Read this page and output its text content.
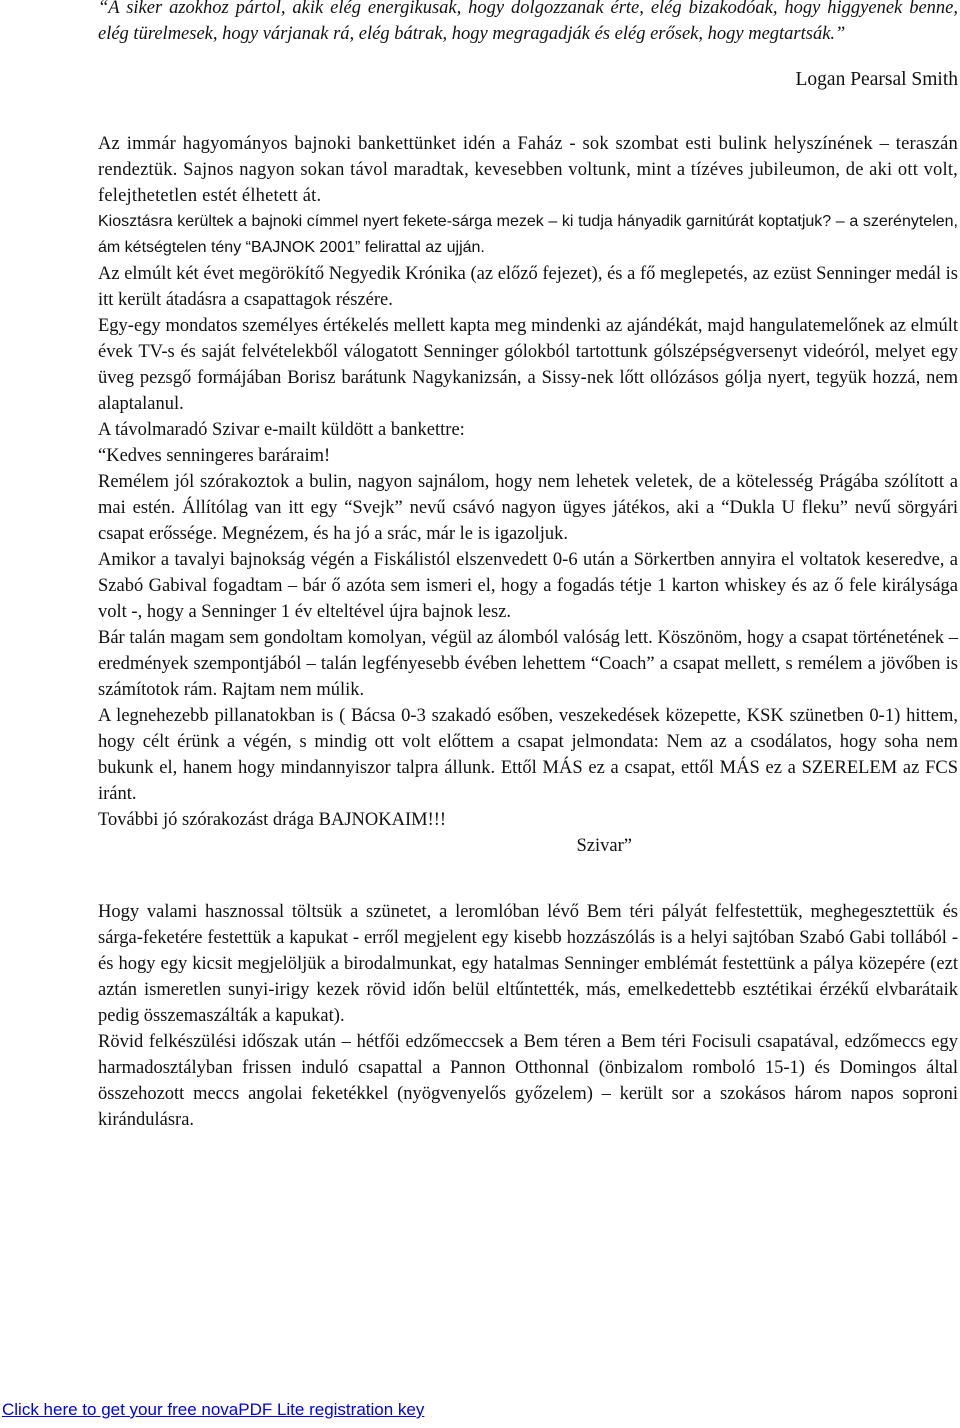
“A siker azokhoz pártol, akik elég energikusak, hogy dolgozzanak érte, elég bizakodóak, hogy higgyenek benne, elég türelmesek, hogy várjanak rá, elég bátrak, hogy megragadják és elég erősek, hogy megtartsák.”

Logan Pearsal Smith

Az immár hagyományos bajnoki bankettünket idén a Faház - sok szombat esti bulink helyszínének – teraszán rendeztük. Sajnos nagyon sokan távol maradtak, kevesebben voltunk, mint a tízéves jubileumon, de aki ott volt, felejthetetlen estét élhetett át.

Kiosztásra kerültek a bajnoki címmel nyert fekete-sárga mezek – ki tudja hányadik garnitúrát koptatjuk? – a szerénytelen, ám kétségtelen tény “BAJNOK 2001” felirattal az ujján.

Az elmúlt két évet megörökítő Negyedik Krónika (az előző fejezet), és a fő meglepetés, az ezüst Senninger medál is itt került átadásra a csapattagok részére.

Egy-egy mondatos személyes értékelés mellett kapta meg mindenki az ajándékát, majd hangulatemelőnek az elmúlt évek TV-s és saját felvételekből válogatott Senninger gólokból tartottunk gólszépségversenyt videóról, melyet egy üveg pezsgő formájában Borisz barátunk Nagykanizsán, a Sissy-nek lőtt ollózásos gólja nyert, tegyük hozzá, nem alaptalanul.

A távolmaradó Szivar e-mailt küldött a bankettre:

“Kedves senningeres baráraim!

Remélem jól szórakoztok a bulin, nagyon sajnálom, hogy nem lehetek veletek, de a kötelesség Prágába szólított a mai estén. Állítólag van itt egy “Svejk” nevű csávó nagyon ügyes játékos, aki a “Dukla U fleku” nevű sörgyári csapat erőssége. Megnézem, és ha jó a srác, már le is igazoljuk.

Amikor a tavalyi bajnokság végén a Fiskálistól elszenvedett 0-6 után a Sörkertben annyira el voltatok keseredve, a Szabó Gabival fogadtam – bár ő azóta sem ismeri el, hogy a fogadás tétje 1 karton whiskey és az ő fele királysága volt -, hogy a Senninger 1 év elteltével újra bajnok lesz.

Bár talán magam sem gondoltam komolyan, végül az álomból valóság lett. Köszönöm, hogy a csapat történetének – eredmények szempontjából – talán legfényesebb évében lehettem “Coach” a csapat mellett, s remélem a jövőben is számítotok rám. Rajtam nem múlik.

A legnehezebb pillanatokban is ( Bácsa 0-3 szakadó esőben, veszekedések közepette, KSK szünetben 0-1) hittem, hogy célt érünk a végén, s mindig ott volt előttem a csapat jelmondata: Nem az a csodálatos, hogy soha nem bukunk el, hanem hogy mindannyiszor talpra állunk. Ettől MÁS ez a csapat, ettől MÁS ez a SZERELEM az FCS iránt.

További jó szórakozást drága BAJNOKAIM!!!

Szivar”

Hogy valami hasznossal töltsük a szünetet, a leromlóban lévő Bem téri pályát felfestettük, meghegesztettük és sárga-feketére festettük a kapukat - erről megjelent egy kisebb hozzászólás is a helyi sajtóban Szabó Gabi tollából - és hogy egy kicsit megjelöljük a birodalmunkat, egy hatalmas Senninger emblémát festettünk a pálya közepére (ezt aztán ismeretlen sunyi-irigy kezek rövid időn belül eltűntették, más, emelkedettebb esztétikai érzékű elvbarátaik pedig összemaszálták a kapukat).

Rövid felkészülési időszak után – hétfői edzőmeccsek a Bem téren a Bem téri Focisuli csapatával, edzőmeccs egy harmadosztályban frissen induló csapattal a Pannon Otthonnal (önbizalom romboló 15-1) és Domingos által összehozott meccs angolai feketékkel (nyögvenyelős győzelem) – került sor a szokásos három napos soproni kirándulásra.

Click here to get your free novaPDF Lite registration key
